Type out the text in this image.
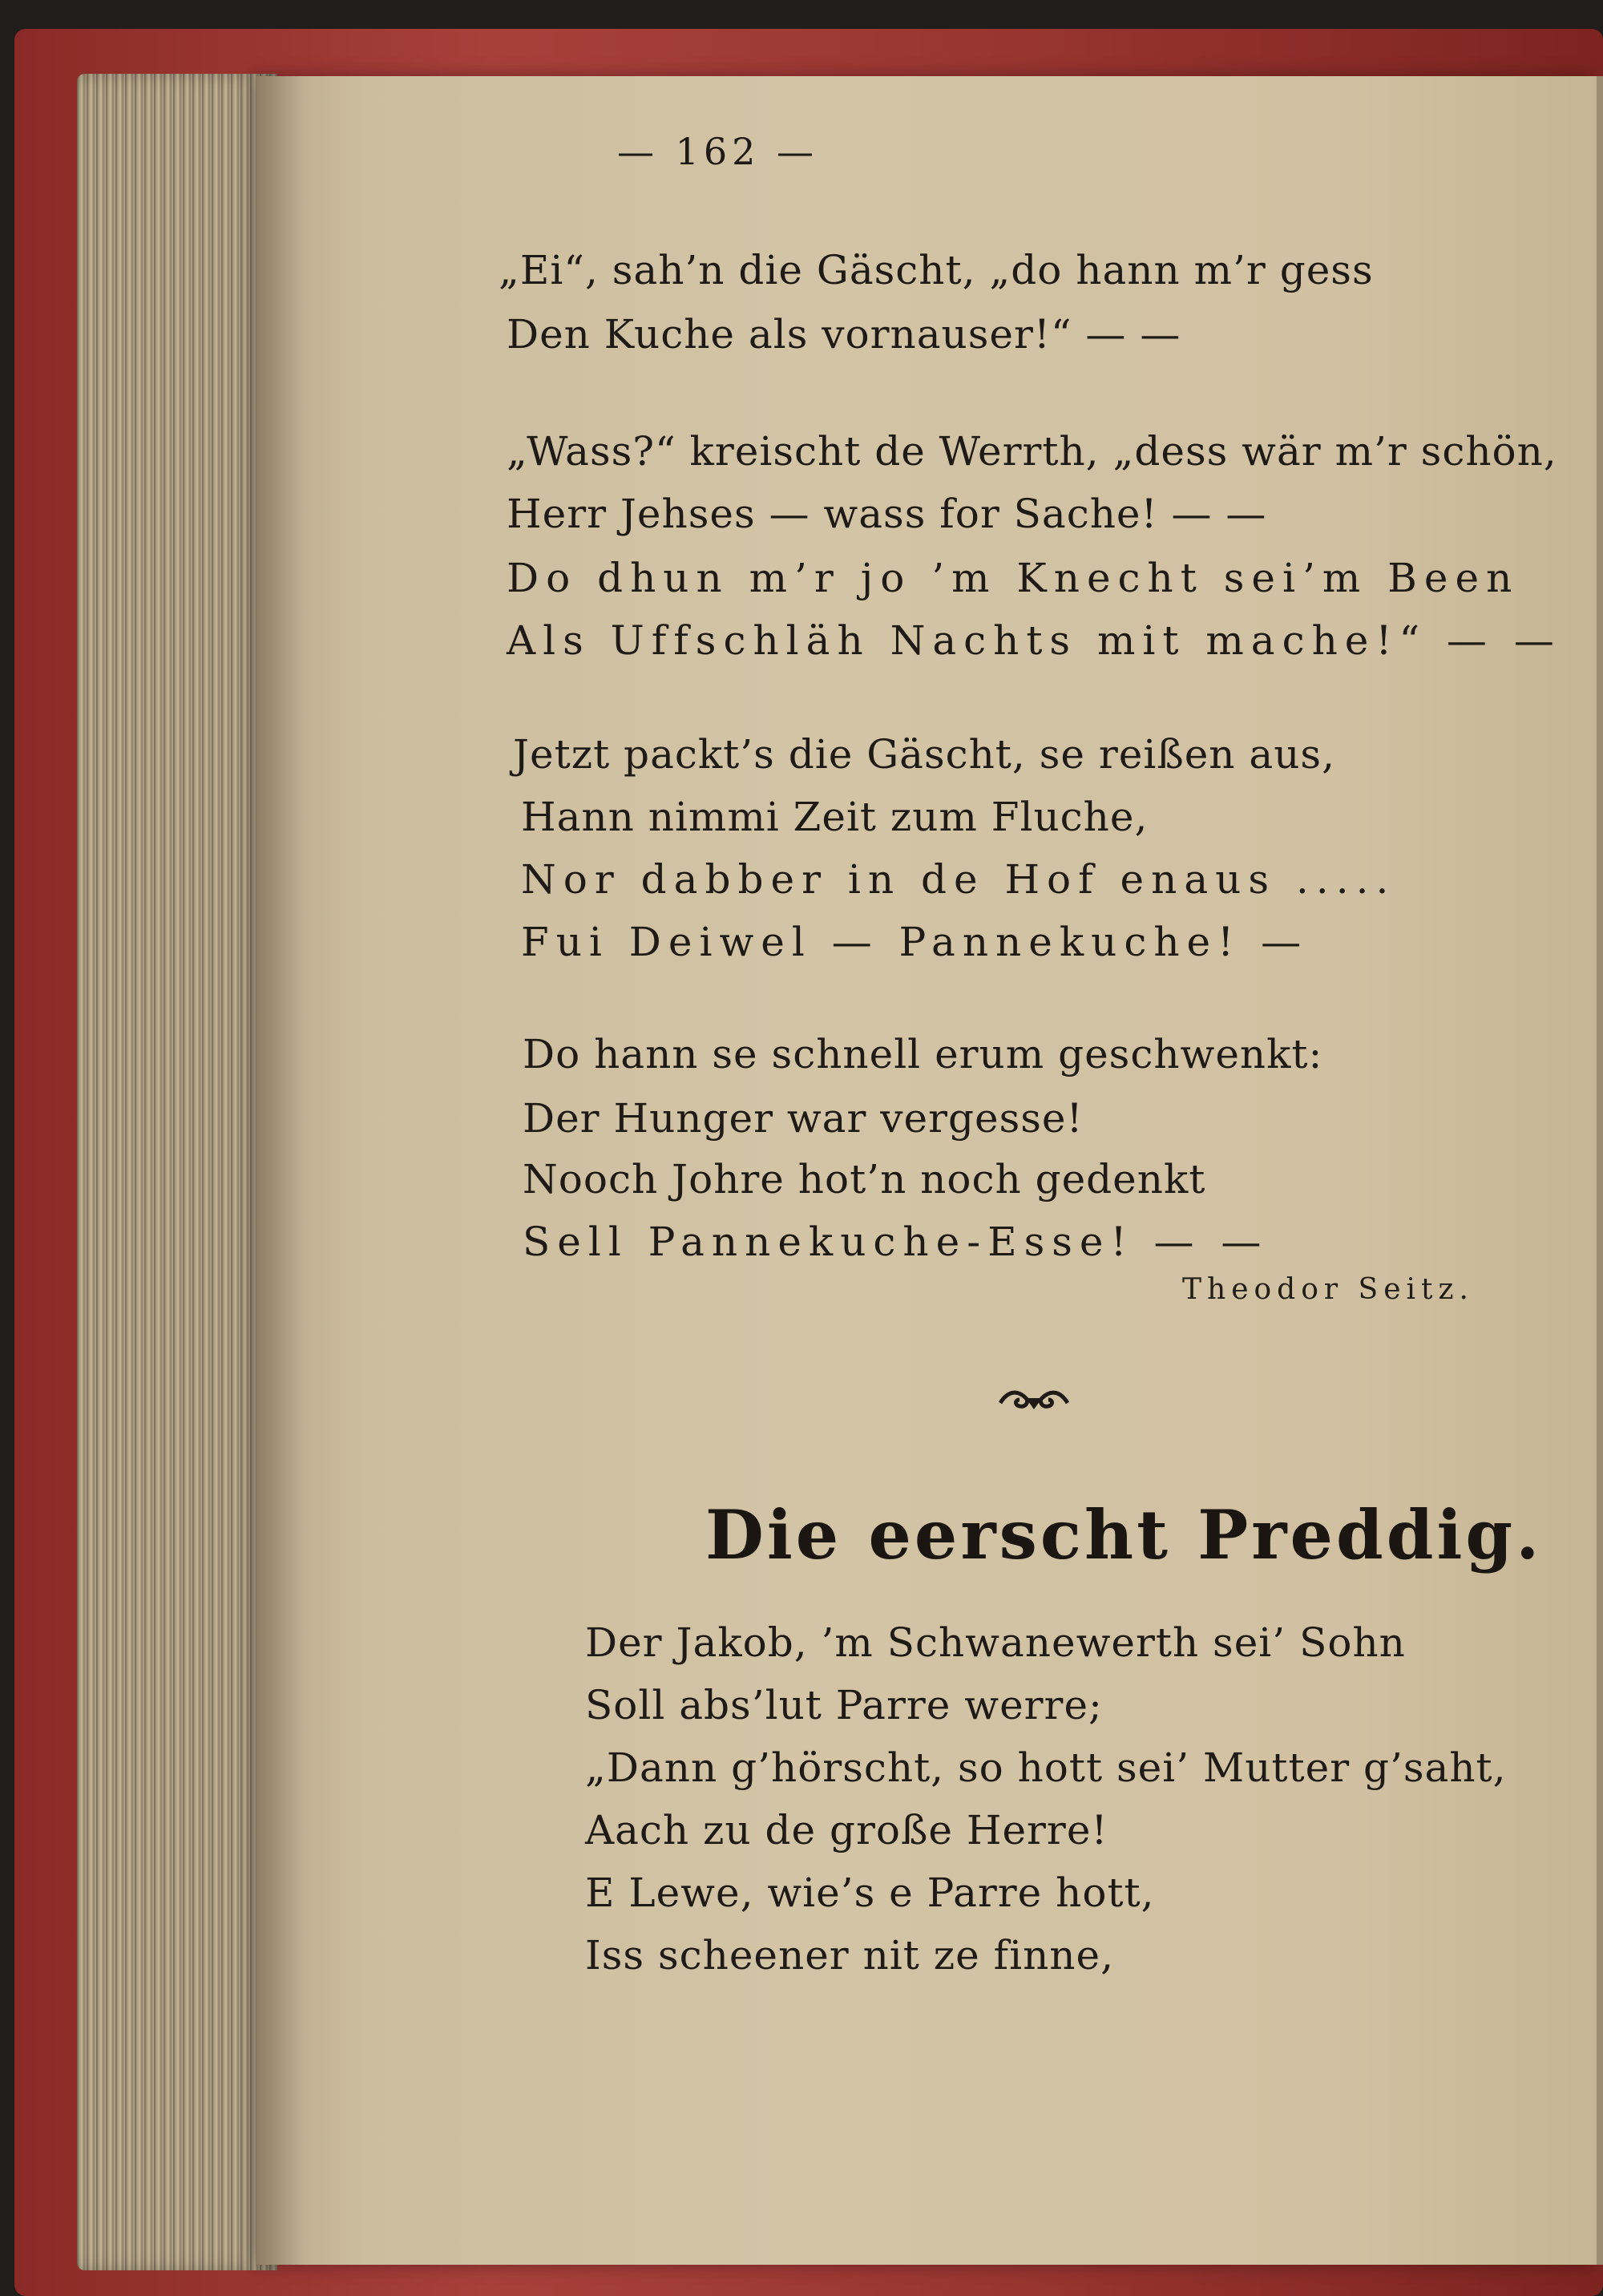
— 162 —
„Ei“, sah’n die Gäscht, „do hann m’r gess
Den Kuche als vornauser!“ — —
„Wass?“ kreischt de Werrth, „dess wär m’r schön,
Herr Jehses — wass for Sache! — —
Do dhun m’r jo ’m Knecht sei’m Been
Als Uffschläh Nachts mit mache!“ — —
Jetzt packt’s die Gäscht, se reißen aus,
Hann nimmi Zeit zum Fluche,
Nor dabber in de Hof enaus .....
Fui Deiwel — Pannekuche! —
Do hann se schnell erum geschwenkt:
Der Hunger war vergesse!
Nooch Johre hot’n noch gedenkt
Sell Pannekuche-Esse! — —
Theodor Seitz.
Die eerscht Preddig.
Der Jakob, ’m Schwanewerth sei’ Sohn
Soll abs’lut Parre werre;
„Dann g’hörscht, so hott sei’ Mutter g’saht,
Aach zu de große Herre!
E Lewe, wie’s e Parre hott,
Iss scheener nit ze finne,
